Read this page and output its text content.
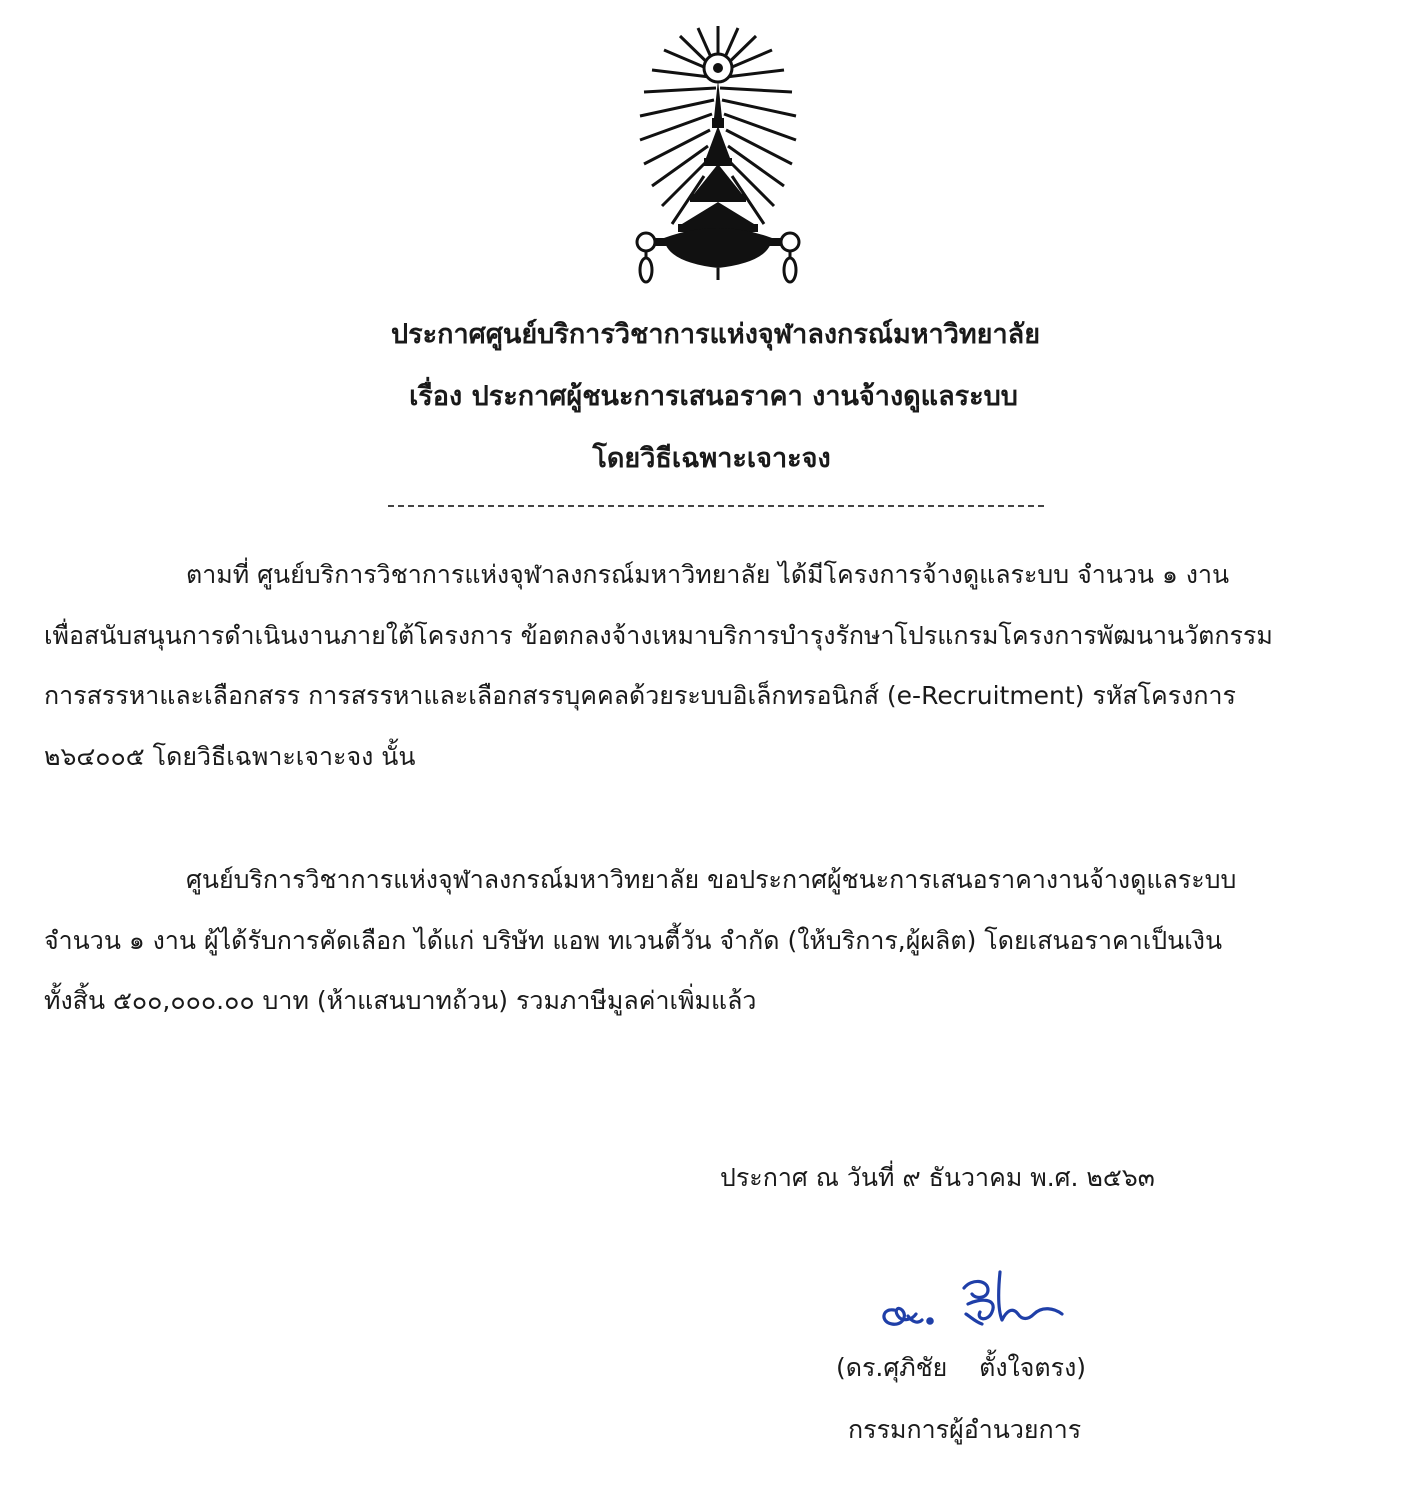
ประกาศศูนย์บริการวิชาการแห่งจุฬาลงกรณ์มหาวิทยาลัย
เรื่อง ประกาศผู้ชนะการเสนอราคา งานจ้างดูแลระบบ
โดยวิธีเฉพาะเจาะจง
ตามที่ ศูนย์บริการวิชาการแห่งจุฬาลงกรณ์มหาวิทยาลัย ได้มีโครงการจ้างดูแลระบบ จำนวน ๑ งาน
เพื่อสนับสนุนการดำเนินงานภายใต้โครงการ ข้อตกลงจ้างเหมาบริการบำรุงรักษาโปรแกรมโครงการพัฒนานวัตกรรม
การสรรหาและเลือกสรร การสรรหาและเลือกสรรบุคคลด้วยระบบอิเล็กทรอนิกส์ (e-Recruitment) รหัสโครงการ
๒๖๔๐๐๕ โดยวิธีเฉพาะเจาะจง นั้น
ศูนย์บริการวิชาการแห่งจุฬาลงกรณ์มหาวิทยาลัย ขอประกาศผู้ชนะการเสนอราคางานจ้างดูแลระบบ
จำนวน ๑ งาน ผู้ได้รับการคัดเลือก ได้แก่ บริษัท แอพ ทเวนตี้วัน จำกัด (ให้บริการ,ผู้ผลิต) โดยเสนอราคาเป็นเงิน
ทั้งสิ้น ๕๐๐,๐๐๐.๐๐ บาท (ห้าแสนบาทถ้วน) รวมภาษีมูลค่าเพิ่มแล้ว
ประกาศ ณ วันที่ ๙ ธันวาคม พ.ศ. ๒๕๖๓
(ดร.ศุภิชัย    ตั้งใจตรง)
กรรมการผู้อำนวยการ
